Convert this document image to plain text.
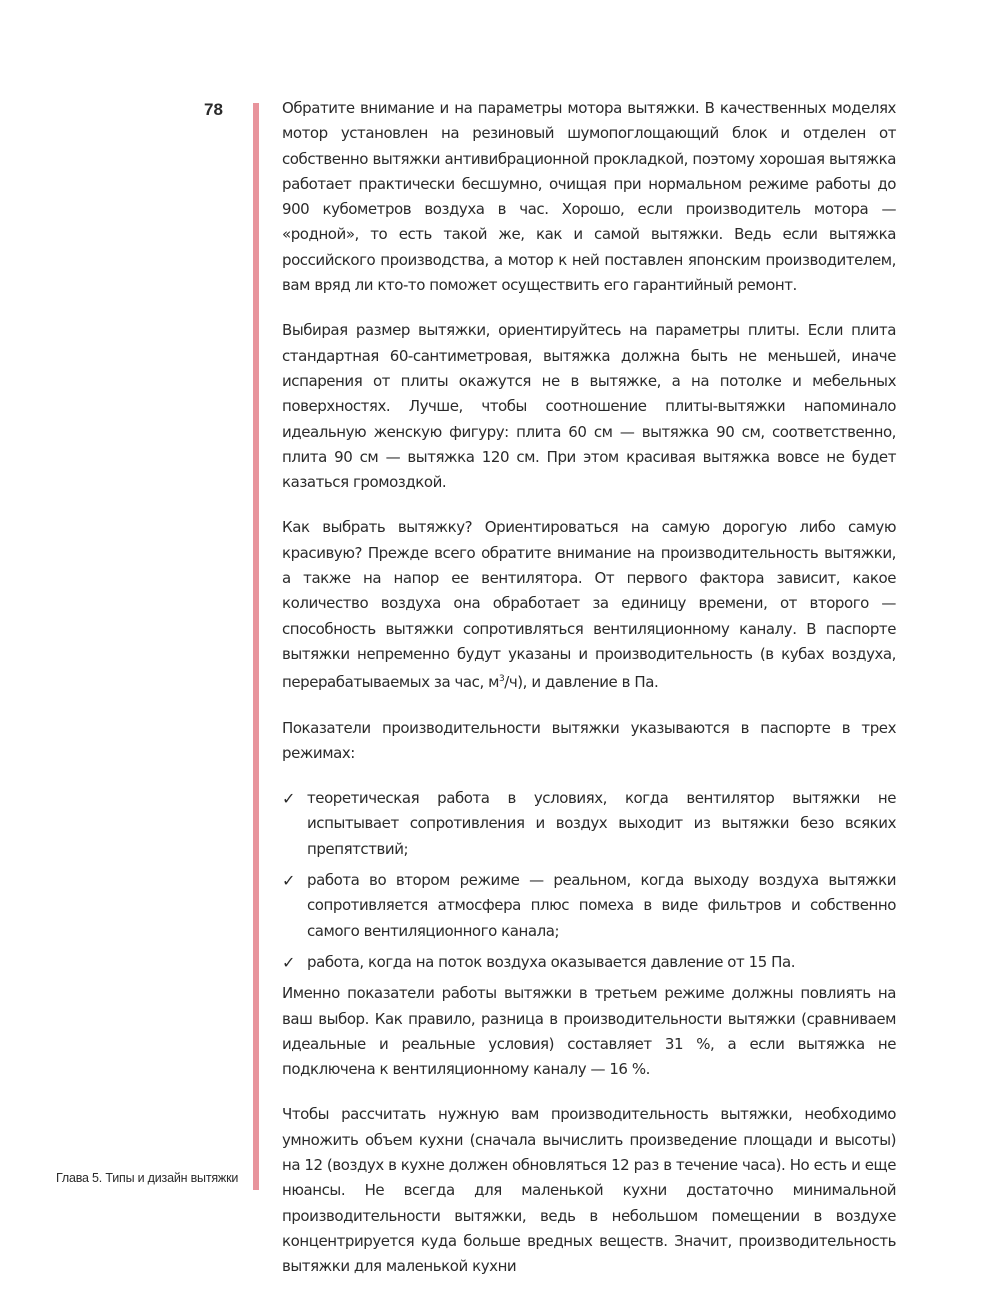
78
Глава 5. Типы и дизайн вытяжки

Обратите внимание и на параметры мотора вытяжки. В качественных моделях мотор установлен на резиновый шумопоглощающий блок и отделен от собственно вытяжки антивибрационной прокладкой, поэтому хорошая вытяжка работает практически бесшумно, очищая при нормальном режиме работы до 900 кубометров воздуха в час. Хорошо, если производитель мотора — «родной», то есть такой же, как и самой вытяжки. Ведь если вытяжка российского производства, а мотор к ней поставлен японским производителем, вам вряд ли кто-то поможет осуществить его гарантийный ремонт.

Выбирая размер вытяжки, ориентируйтесь на параметры плиты. Если плита стандартная 60-сантиметровая, вытяжка должна быть не меньшей, иначе испарения от плиты окажутся не в вытяжке, а на потолке и мебельных поверхностях. Лучше, чтобы соотношение плиты-вытяжки напоминало идеальную женскую фигуру: плита 60 см — вытяжка 90 см, соответственно, плита 90 см — вытяжка 120 см. При этом красивая вытяжка вовсе не будет казаться громоздкой.

Как выбрать вытяжку? Ориентироваться на самую дорогую либо самую красивую? Прежде всего обратите внимание на производительность вытяжки, а также на напор ее вентилятора. От первого фактора зависит, какое количество воздуха она обработает за единицу времени, от второго — способность вытяжки сопротивляться вентиляционному каналу. В паспорте вытяжки непременно будут указаны и производительность (в кубах воздуха, перерабатываемых за час, $м^3/ч$), и давление в Па.

Показатели производительности вытяжки указываются в паспорте в трех режимах:

✓ теоретическая работа в условиях, когда вентилятор вытяжки не испытывает сопротивления и воздух выходит из вытяжки безо всяких препятствий;
✓ работа во втором режиме — реальном, когда выходу воздуха вытяжки сопротивляется атмосфера плюс помеха в виде фильтров и собственно самого вентиляционного канала;
✓ работа, когда на поток воздуха оказывается давление от 15 Па.

Именно показатели работы вытяжки в третьем режиме должны повлиять на ваш выбор. Как правило, разница в производительности вытяжки (сравниваем идеальные и реальные условия) составляет 31 %, а если вытяжка не подключена к вентиляционному каналу — 16 %.

Чтобы рассчитать нужную вам производительность вытяжки, необходимо умножить объем кухни (сначала вычислить произведение площади и высоты) на 12 (воздух в кухне должен обновляться 12 раз в течение часа). Но есть и еще нюансы. Не всегда для маленькой кухни достаточно минимальной производительности вытяжки, ведь в небольшом помещении в воздухе концентрируется куда больше вредных веществ. Значит, производительность вытяжки для маленькой кухни
